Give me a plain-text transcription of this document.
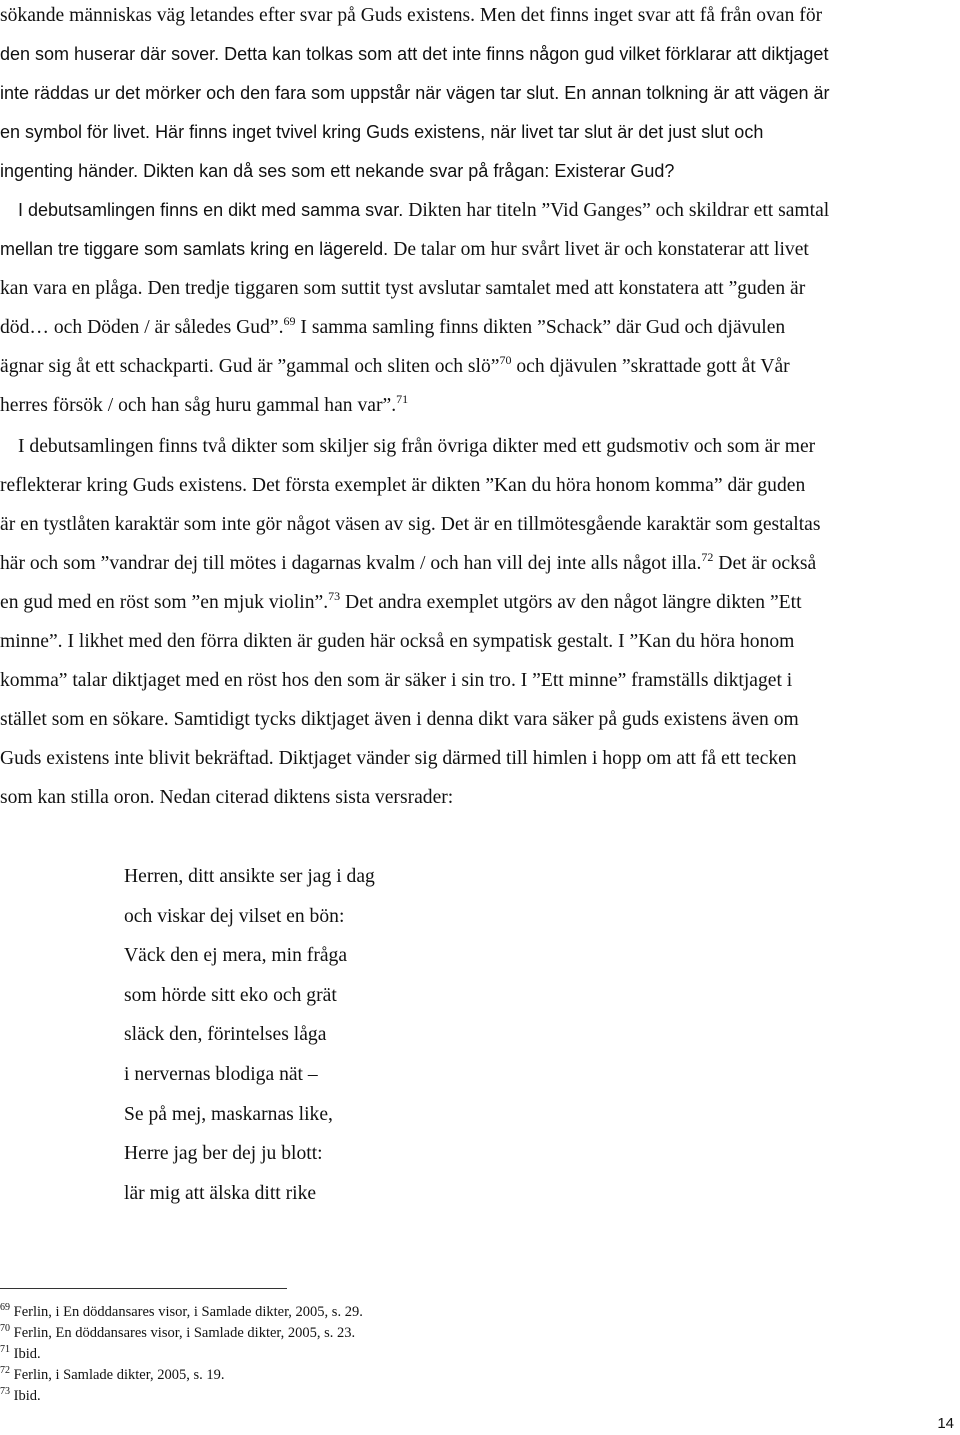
sökande människas väg letandes efter svar på Guds existens. Men det finns inget svar att få från ovan för
den som huserar där sover. Detta kan tolkas som att det inte finns någon gud vilket förklarar att diktjaget
inte räddas ur det mörker och den fara som uppstår när vägen tar slut. En annan tolkning är att vägen är
en symbol för livet. Här finns inget tvivel kring Guds existens, när livet tar slut är det just slut och
ingenting händer. Dikten kan då ses som ett nekande svar på frågan: Existerar Gud?
I debutsamlingen finns en dikt med samma svar. Dikten har titeln ”Vid Ganges” och skildrar ett samtal
mellan tre tiggare som samlats kring en lägereld. De talar om hur svårt livet är och konstaterar att livet
kan vara en plåga. Den tredje tiggaren som suttit tyst avslutar samtalet med att konstatera att ”guden är
död… och Döden / är således Gud”.$^{69}$ I samma samling finns dikten ”Schack” där Gud och djävulen
ägnar sig åt ett schackparti. Gud är ”gammal och sliten och slö”$^{70}$ och djävulen ”skrattade gott åt Vår
herres försök / och han såg huru gammal han var”.$^{71}$
I debutsamlingen finns två dikter som skiljer sig från övriga dikter med ett gudsmotiv och som är mer
reflekterar kring Guds existens. Det första exemplet är dikten ”Kan du höra honom komma” där guden
är en tystlåten karaktär som inte gör något väsen av sig. Det är en tillmötesgående karaktär som gestaltas
här och som ”vandrar dej till mötes i dagarnas kvalm / och han vill dej inte alls något illa.$^{72}$ Det är också
en gud med en röst som ”en mjuk violin”.$^{73}$ Det andra exemplet utgörs av den något längre dikten ”Ett
minne”. I likhet med den förra dikten är guden här också en sympatisk gestalt. I ”Kan du höra honom
komma” talar diktjaget med en röst hos den som är säker i sin tro. I ”Ett minne” framställs diktjaget i
stället som en sökare. Samtidigt tycks diktjaget även i denna dikt vara säker på guds existens även om
Guds existens inte blivit bekräftad. Diktjaget vänder sig därmed till himlen i hopp om att få ett tecken
som kan stilla oron. Nedan citerad diktens sista versrader:
Herren, ditt ansikte ser jag i dag
och viskar dej vilset en bön:
Väck den ej mera, min fråga
som hörde sitt eko och grät
släck den, förintelses låga
i nervernas blodiga nät –
Se på mej, maskarnas like,
Herre jag ber dej ju blott:
lär mig att älska ditt rike
$^{69}$ Ferlin, i En döddansares visor, i Samlade dikter, 2005, s. 29.
$^{70}$ Ferlin, En döddansares visor, i Samlade dikter, 2005, s. 23.
$^{71}$ Ibid.
$^{72}$ Ferlin, i Samlade dikter, 2005, s. 19.
$^{73}$ Ibid.
14
